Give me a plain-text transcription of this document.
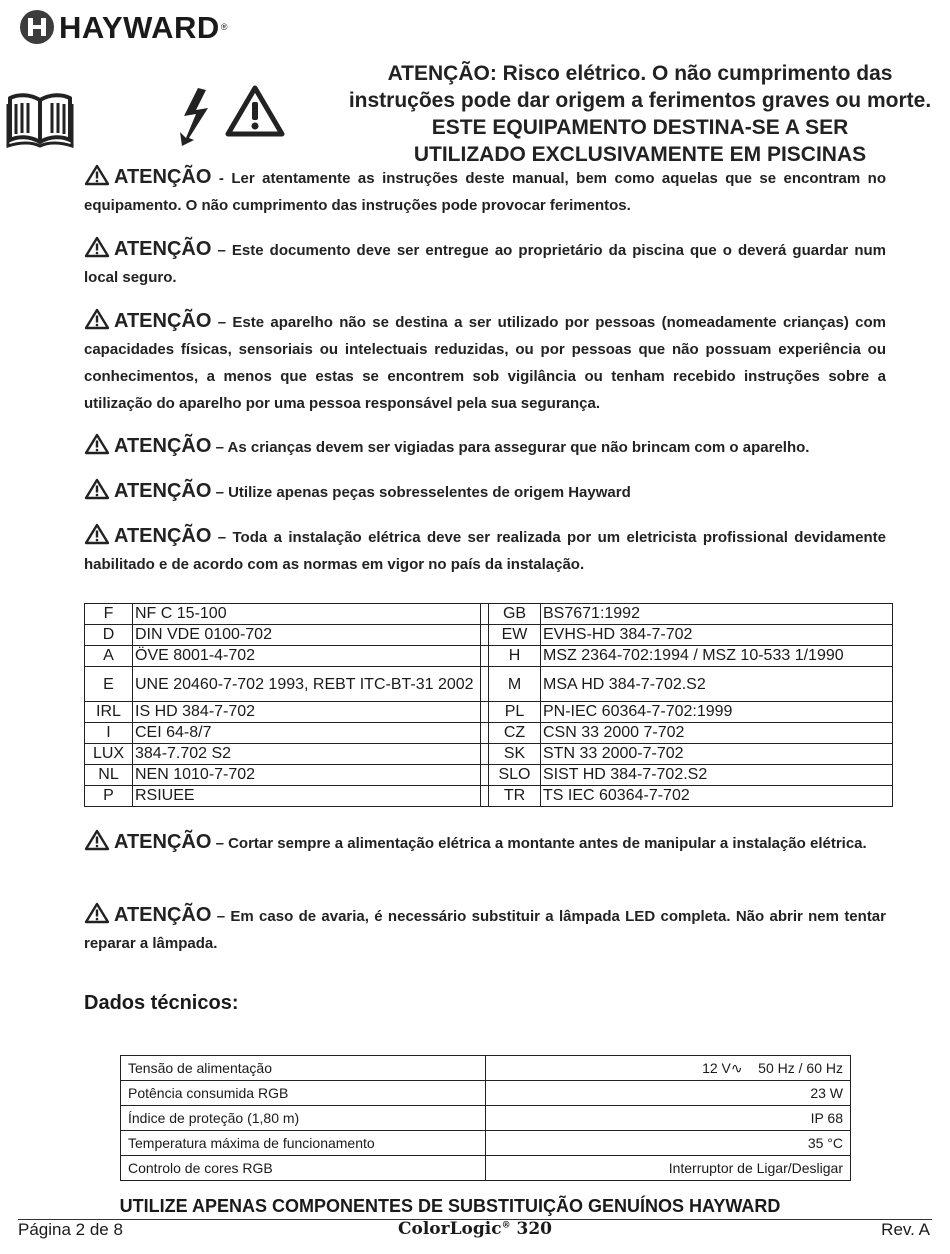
HAYWARD ®
ATENÇÃO: Risco elétrico. O não cumprimento das
instruções pode dar origem a ferimentos graves ou morte.
ESTE EQUIPAMENTO DESTINA-SE A SER
UTILIZADO EXCLUSIVAMENTE EM PISCINAS
ATENÇÃO - Ler atentamente as instruções deste manual, bem como aquelas que se encontram no equipamento. O não cumprimento das instruções pode provocar ferimentos.
ATENÇÃO – Este documento deve ser entregue ao proprietário da piscina que o deverá guardar num local seguro.
ATENÇÃO – Este aparelho não se destina a ser utilizado por pessoas (nomeadamente crianças) com capacidades físicas, sensoriais ou intelectuais reduzidas, ou por pessoas que não possuam experiência ou conhecimentos, a menos que estas se encontrem sob vigilância ou tenham recebido instruções sobre a utilização do aparelho por uma pessoa responsável pela sua segurança.
ATENÇÃO – As crianças devem ser vigiadas para assegurar que não brincam com o aparelho.
ATENÇÃO – Utilize apenas peças sobresselentes de origem Hayward
ATENÇÃO – Toda a instalação elétrica deve ser realizada por um eletricista profissional devidamente habilitado e de acordo com as normas em vigor no país da instalação.
F	NF C 15-100		GB	BS7671:1992
D	DIN VDE 0100-702		EW	EVHS-HD 384-7-702
A	ÖVE 8001-4-702		H	MSZ 2364-702:1994 / MSZ 10-533 1/1990
E	UNE 20460-7-702 1993, REBT ITC-BT-31 2002		M	MSA HD 384-7-702.S2
IRL	IS HD 384-7-702		PL	PN-IEC 60364-7-702:1999
I	CEI 64-8/7		CZ	CSN 33 2000 7-702
LUX	384-7.702 S2		SK	STN 33 2000-7-702
NL	NEN 1010-7-702		SLO	SIST HD 384-7-702.S2
P	RSIUEE		TR	TS IEC 60364-7-702
ATENÇÃO – Cortar sempre a alimentação elétrica a montante antes de manipular a instalação elétrica.
ATENÇÃO – Em caso de avaria, é necessário substituir a lâmpada LED completa. Não abrir nem tentar reparar a lâmpada.
Dados técnicos:
Tensão de alimentação	12 V∿    50 Hz / 60 Hz
Potência consumida RGB	23 W
Índice de proteção (1,80 m)	IP 68
Temperatura máxima de funcionamento	35 °C
Controlo de cores RGB	Interruptor de Ligar/Desligar
UTILIZE APENAS COMPONENTES DE SUBSTITUIÇÃO GENUÍNOS HAYWARD
Página 2 de 8	ColorLogic® 320	Rev. A
